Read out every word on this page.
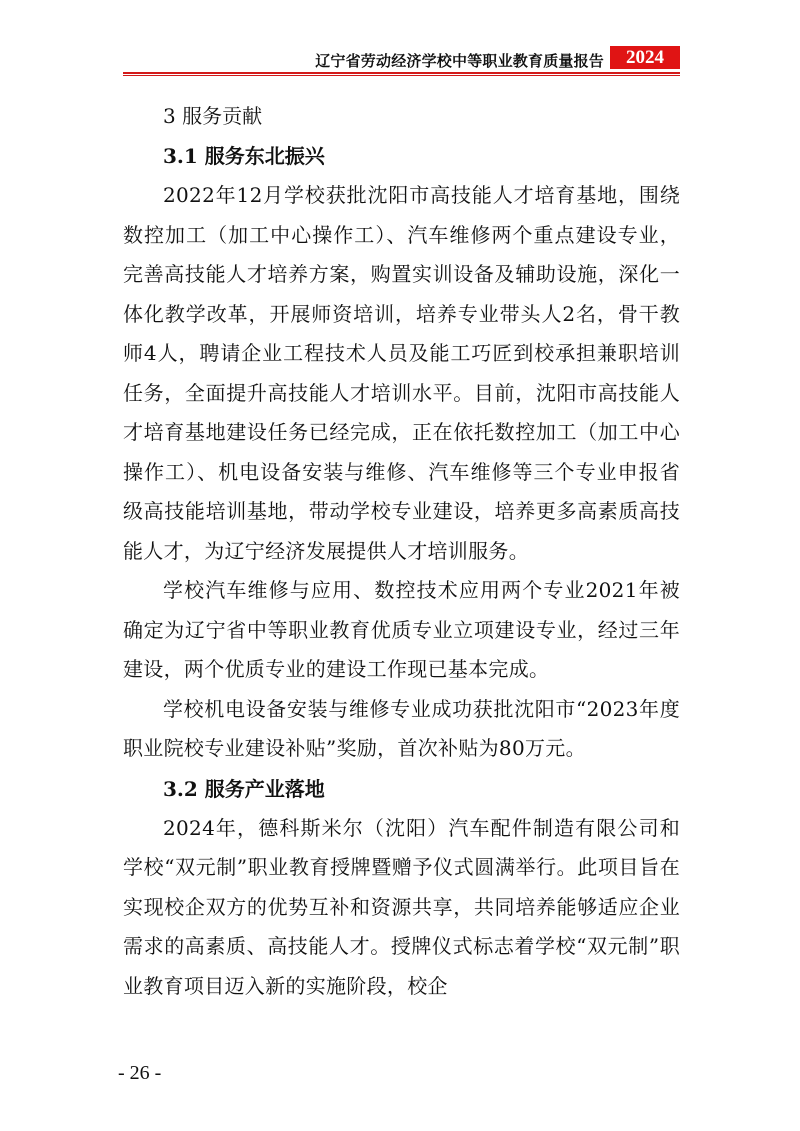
辽宁省劳动经济学校中等职业教育质量报告	2024
3 服务贡献
3.1 服务东北振兴

2022年12月学校获批沈阳市高技能人才培育基地，围绕数控加工（加工中心操作工）、汽车维修两个重点建设专业，完善高技能人才培养方案，购置实训设备及辅助设施，深化一体化教学改革，开展师资培训，培养专业带头人2名，骨干教师4人，聘请企业工程技术人员及能工巧匠到校承担兼职培训任务，全面提升高技能人才培训水平。目前，沈阳市高技能人才培育基地建设任务已经完成，正在依托数控加工（加工中心操作工）、机电设备安装与维修、汽车维修等三个专业申报省级高技能培训基地，带动学校专业建设，培养更多高素质高技能人才，为辽宁经济发展提供人才培训服务。

学校汽车维修与应用、数控技术应用两个专业2021年被确定为辽宁省中等职业教育优质专业立项建设专业，经过三年建设，两个优质专业的建设工作现已基本完成。

学校机电设备安装与维修专业成功获批沈阳市“2023年度职业院校专业建设补贴”奖励，首次补贴为80万元。

3.2 服务产业落地

2024年，德科斯米尔（沈阳）汽车配件制造有限公司和学校“双元制”职业教育授牌暨赠予仪式圆满举行。此项目旨在实现校企双方的优势互补和资源共享，共同培养能够适应企业需求的高素质、高技能人才。授牌仪式标志着学校“双元制”职业教育项目迈入新的实施阶段，校企

- 26 -
